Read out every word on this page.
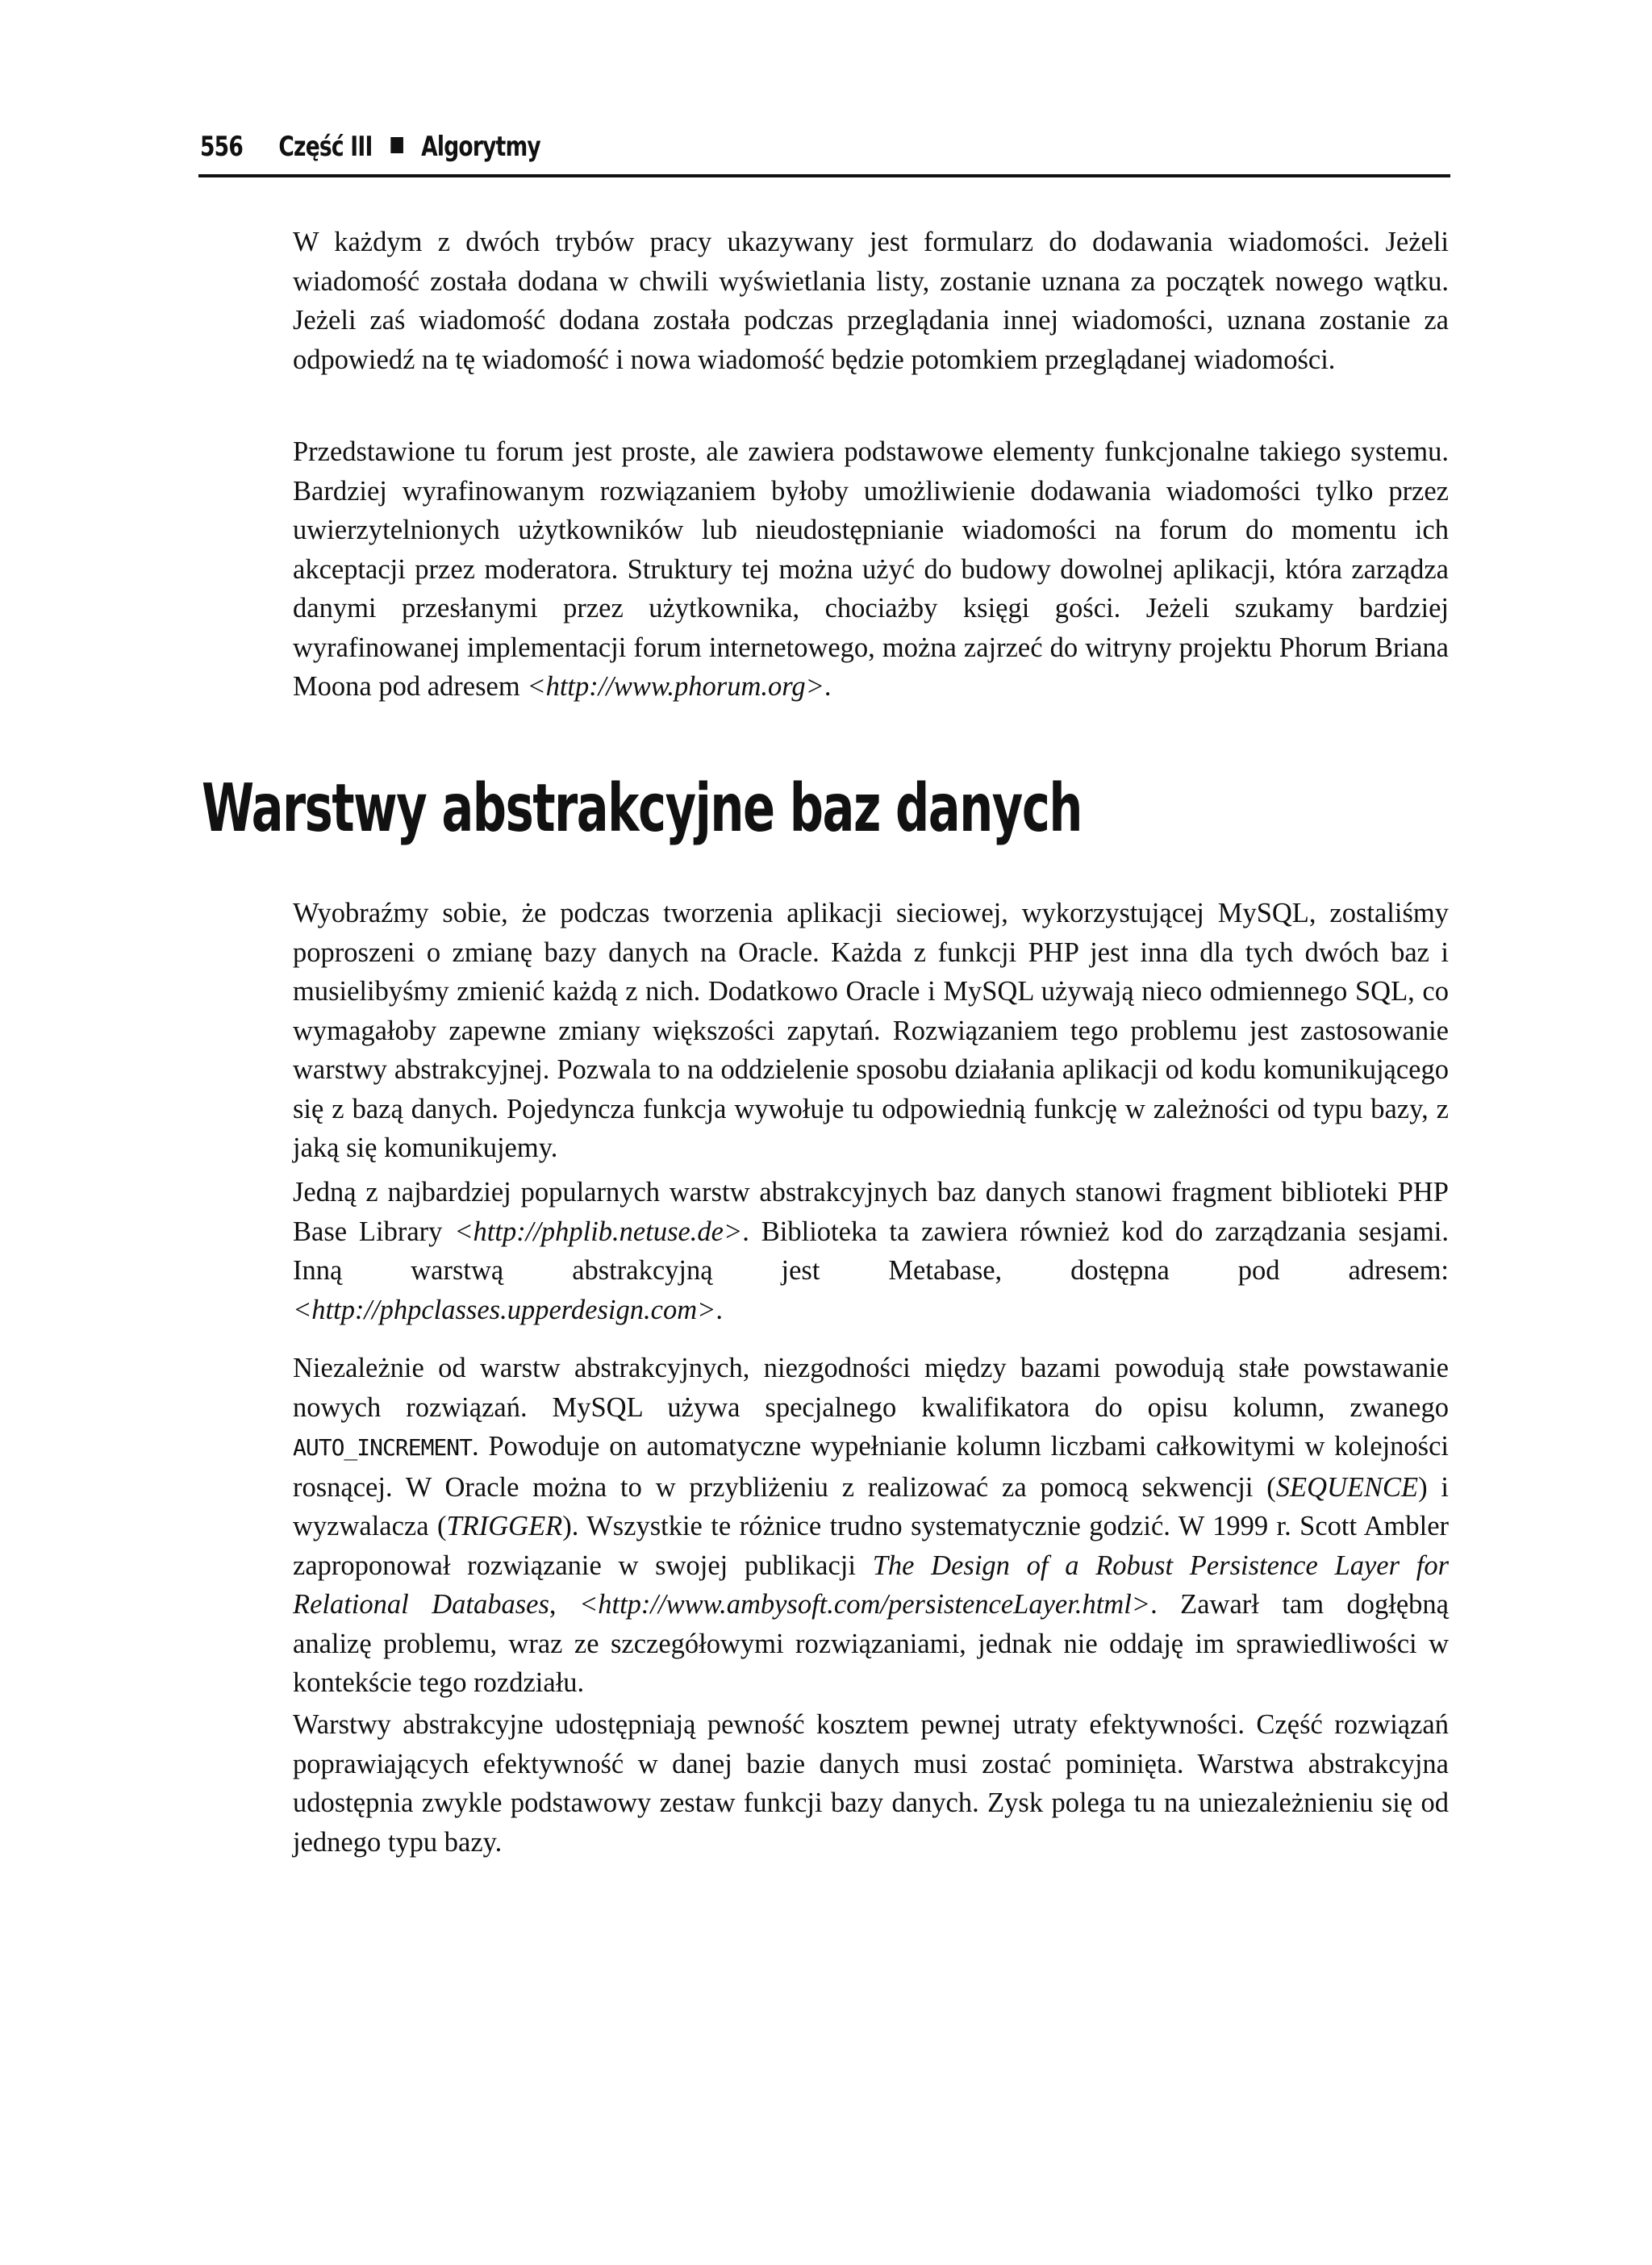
556 Część III Algorytmy

W każdym z dwóch trybów pracy ukazywany jest formularz do dodawania wiadomości. Jeżeli wiadomość została dodana w chwili wyświetlania listy, zostanie uznana za początek nowego wątku. Jeżeli zaś wiadomość dodana została podczas przeglądania innej wiadomości, uznana zostanie za odpowiedź na tę wiadomość i nowa wiadomość będzie potomkiem przeglądanej wiadomości.

Przedstawione tu forum jest proste, ale zawiera podstawowe elementy funkcjonalne takiego systemu. Bardziej wyrafinowanym rozwiązaniem byłoby umożliwienie dodawania wiadomości tylko przez uwierzytelnionych użytkowników lub nieudostępnianie wiadomości na forum do momentu ich akceptacji przez moderatora. Struktury tej można użyć do budowy dowolnej aplikacji, która zarządza danymi przesłanymi przez użytkownika, chociażby księgi gości. Jeżeli szukamy bardziej wyrafinowanej implementacji forum internetowego, można zajrzeć do witryny projektu Phorum Briana Moona pod adresem <http://www.phorum.org>.

Warstwy abstrakcyjne baz danych

Wyobraźmy sobie, że podczas tworzenia aplikacji sieciowej, wykorzystującej MySQL, zostaliśmy poproszeni o zmianę bazy danych na Oracle. Każda z funkcji PHP jest inna dla tych dwóch baz i musielibyśmy zmienić każdą z nich. Dodatkowo Oracle i MySQL używają nieco odmiennego SQL, co wymagałoby zapewne zmiany większości zapytań. Rozwiązaniem tego problemu jest zastosowanie warstwy abstrakcyjnej. Pozwala to na oddzielenie sposobu działania aplikacji od kodu komunikującego się z bazą danych. Pojedyncza funkcja wywołuje tu odpowiednią funkcję w zależności od typu bazy, z jaką się komunikujemy.

Jedną z najbardziej popularnych warstw abstrakcyjnych baz danych stanowi fragment biblioteki PHP Base Library <http://phplib.netuse.de>. Biblioteka ta zawiera również kod do zarządzania sesjami. Inną warstwą abstrakcyjną jest Metabase, dostępna pod adresem: <http://phpclasses.upperdesign.com>.

Niezależnie od warstw abstrakcyjnych, niezgodności między bazami powodują stałe powstawanie nowych rozwiązań. MySQL używa specjalnego kwalifikatora do opisu kolumn, zwanego AUTO_INCREMENT. Powoduje on automatyczne wypełnianie kolumn liczbami całkowitymi w kolejności rosnącej. W Oracle można to w przybliżeniu z realizować za pomocą sekwencji (SEQUENCE) i wyzwalacza (TRIGGER). Wszystkie te różnice trudno systematycznie godzić. W 1999 r. Scott Ambler zaproponował rozwiązanie w swojej publikacji The Design of a Robust Persistence Layer for Relational Databases, <http://www.ambysoft.com/persistenceLayer.html>. Zawarł tam dogłębną analizę problemu, wraz ze szczegółowymi rozwiązaniami, jednak nie oddaję im sprawiedliwości w kontekście tego rozdziału.

Warstwy abstrakcyjne udostępniają pewność kosztem pewnej utraty efektywności. Część rozwiązań poprawiających efektywność w danej bazie danych musi zostać pominięta. Warstwa abstrakcyjna udostępnia zwykle podstawowy zestaw funkcji bazy danych. Zysk polega tu na uniezależnieniu się od jednego typu bazy.
